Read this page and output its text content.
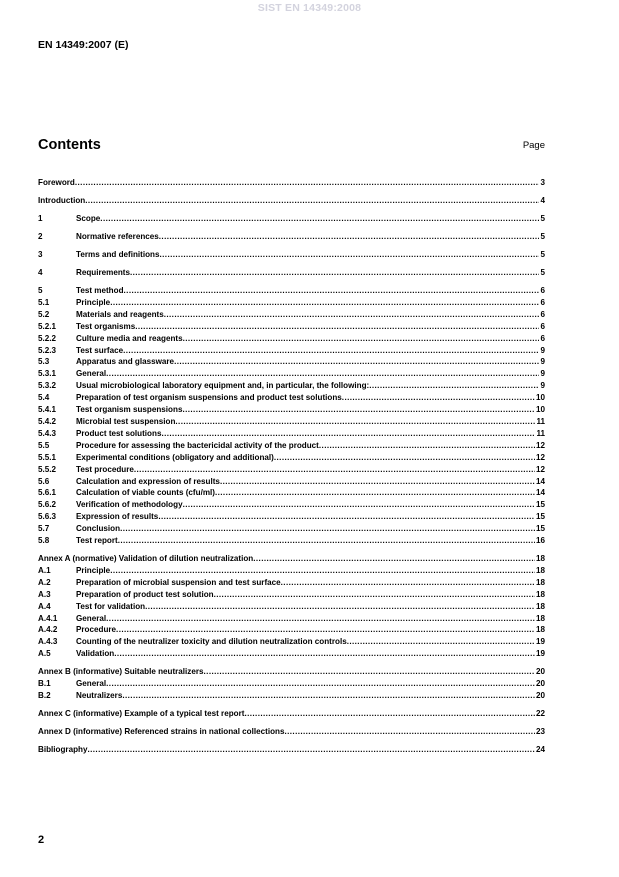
SIST EN 14349:2008
EN 14349:2007 (E)
Contents	Page
Foreword .....	3
Introduction .....	4
1	Scope .....	5
2	Normative references .....	5
3	Terms and definitions .....	5
4	Requirements .....	5
5	Test method .....	6
5.1	Principle .....	6
5.2	Materials and reagents .....	6
5.2.1	Test organisms .....	6
5.2.2	Culture media and reagents .....	6
5.2.3	Test surface .....	9
5.3	Apparatus and glassware .....	9
5.3.1	General .....	9
5.3.2	Usual microbiological laboratory equipment and, in particular, the following: .....	9
5.4	Preparation of test organism suspensions and product test solutions .....	10
5.4.1	Test organism suspensions .....	10
5.4.2	Microbial test suspension .....	11
5.4.3	Product test solutions .....	11
5.5	Procedure for assessing the bactericidal activity of the product .....	12
5.5.1	Experimental conditions (obligatory and additional) .....	12
5.5.2	Test procedure .....	12
5.6	Calculation and expression of results .....	14
5.6.1	Calculation of viable counts (cfu/ml) .....	14
5.6.2	Verification of methodology .....	15
5.6.3	Expression of results .....	15
5.7	Conclusion .....	15
5.8	Test report .....	16
Annex A (normative) Validation of dilution neutralization .....	18
A.1	Principle .....	18
A.2	Preparation of microbial suspension and test surface .....	18
A.3	Preparation of product test solution .....	18
A.4	Test for validation .....	18
A.4.1	General .....	18
A.4.2	Procedure .....	18
A.4.3	Counting of the neutralizer toxicity and dilution neutralization controls .....	19
A.5	Validation .....	19
Annex B (informative) Suitable neutralizers .....	20
B.1	General .....	20
B.2	Neutralizers .....	20
Annex C (informative) Example of a typical test report .....	22
Annex D (informative) Referenced strains in national collections .....	23
Bibliography .....	24
2
